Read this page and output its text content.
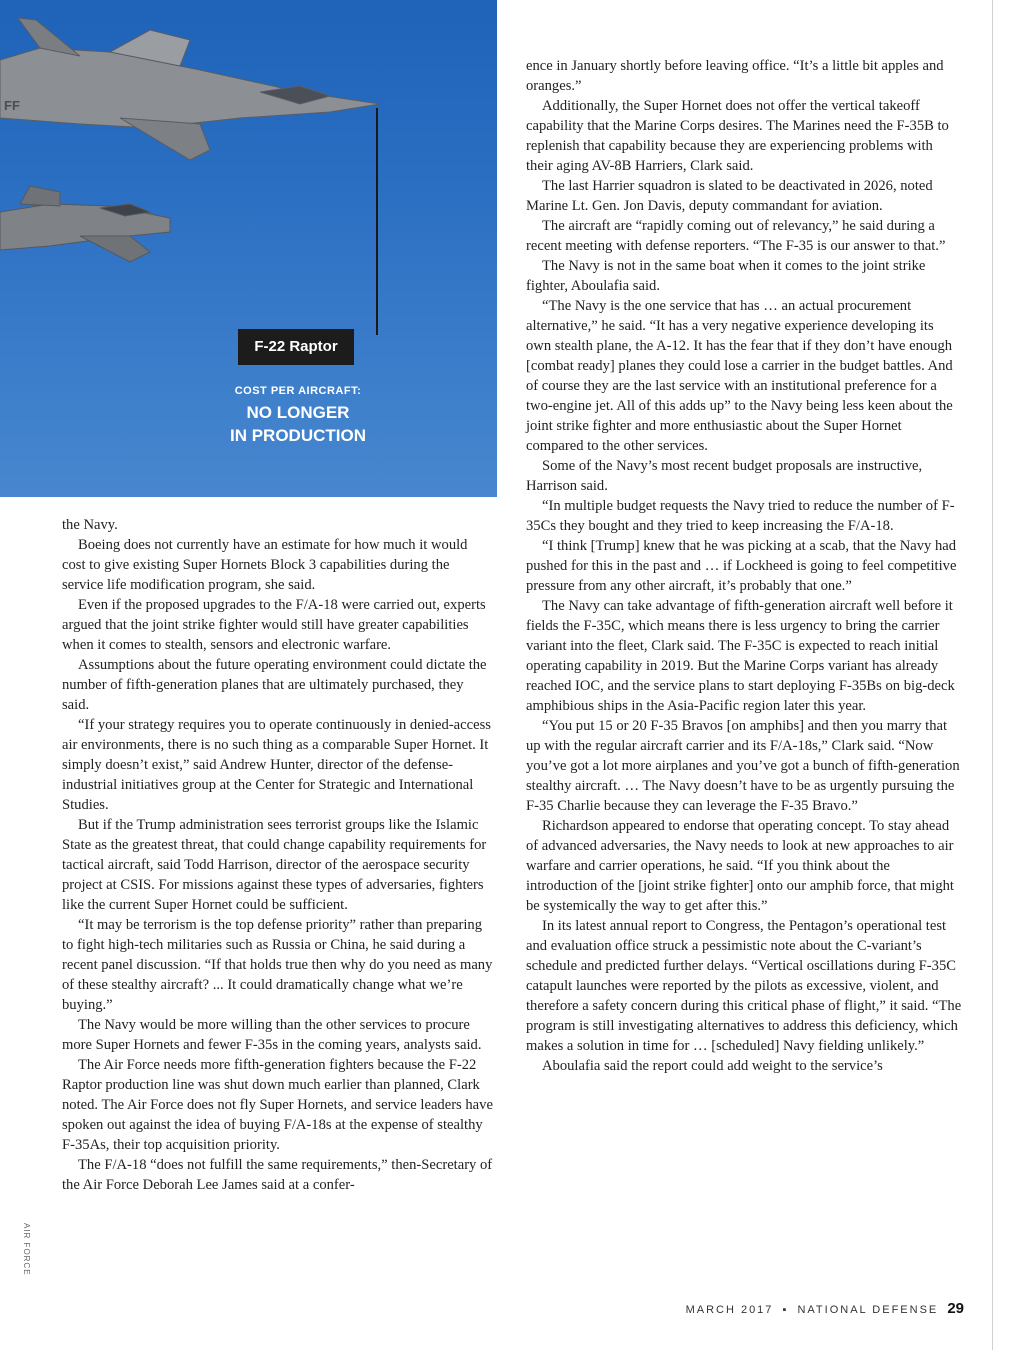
FF
F-22 Raptor
COST PER AIRCRAFT:
NO LONGER
IN PRODUCTION

the Navy.

Boeing does not currently have an estimate for how much it would cost to give existing Super Hornets Block 3 capabilities during the service life modification program, she said.

Even if the proposed upgrades to the F/A-18 were carried out, experts argued that the joint strike fighter would still have greater capabilities when it comes to stealth, sensors and electronic warfare.

Assumptions about the future operating environment could dictate the number of fifth-generation planes that are ultimately purchased, they said.

“If your strategy requires you to operate continuously in denied-access air environments, there is no such thing as a comparable Super Hornet. It simply doesn’t exist,” said Andrew Hunter, director of the defense-industrial initiatives group at the Center for Strategic and International Studies.

But if the Trump administration sees terrorist groups like the Islamic State as the greatest threat, that could change capability requirements for tactical aircraft, said Todd Harrison, director of the aerospace security project at CSIS. For missions against these types of adversaries, fighters like the current Super Hornet could be sufficient.

“It may be terrorism is the top defense priority” rather than preparing to fight high-tech militaries such as Russia or China, he said during a recent panel discussion. “If that holds true then why do you need as many of these stealthy aircraft? ... It could dramatically change what we’re buying.”

The Navy would be more willing than the other services to procure more Super Hornets and fewer F-35s in the coming years, analysts said.

The Air Force needs more fifth-generation fighters because the F-22 Raptor production line was shut down much earlier than planned, Clark noted. The Air Force does not fly Super Hornets, and service leaders have spoken out against the idea of buying F/A-18s at the expense of stealthy F-35As, their top acquisition priority.

The F/A-18 “does not fulfill the same requirements,” then-Secretary of the Air Force Deborah Lee James said at a confer-

ence in January shortly before leaving office. “It’s a little bit apples and oranges.”

Additionally, the Super Hornet does not offer the vertical takeoff capability that the Marine Corps desires. The Marines need the F-35B to replenish that capability because they are experiencing problems with their aging AV-8B Harriers, Clark said.

The last Harrier squadron is slated to be deactivated in 2026, noted Marine Lt. Gen. Jon Davis, deputy commandant for aviation.

The aircraft are “rapidly coming out of relevancy,” he said during a recent meeting with defense reporters. “The F-35 is our answer to that.”

The Navy is not in the same boat when it comes to the joint strike fighter, Aboulafia said.

“The Navy is the one service that has … an actual procurement alternative,” he said. “It has a very negative experience developing its own stealth plane, the A-12. It has the fear that if they don’t have enough [combat ready] planes they could lose a carrier in the budget battles. And of course they are the last service with an institutional preference for a two-engine jet. All of this adds up” to the Navy being less keen about the joint strike fighter and more enthusiastic about the Super Hornet compared to the other services.

Some of the Navy’s most recent budget proposals are instructive, Harrison said.

“In multiple budget requests the Navy tried to reduce the number of F-35Cs they bought and they tried to keep increasing the F/A-18.

“I think [Trump] knew that he was picking at a scab, that the Navy had pushed for this in the past and … if Lockheed is going to feel competitive pressure from any other aircraft, it’s probably that one.”

The Navy can take advantage of fifth-generation aircraft well before it fields the F-35C, which means there is less urgency to bring the carrier variant into the fleet, Clark said. The F-35C is expected to reach initial operating capability in 2019. But the Marine Corps variant has already reached IOC, and the service plans to start deploying F-35Bs on big-deck amphibious ships in the Asia-Pacific region later this year.

“You put 15 or 20 F-35 Bravos [on amphibs] and then you marry that up with the regular aircraft carrier and its F/A-18s,” Clark said. “Now you’ve got a lot more airplanes and you’ve got a bunch of fifth-generation stealthy aircraft. … The Navy doesn’t have to be as urgently pursuing the F-35 Charlie because they can leverage the F-35 Bravo.”

Richardson appeared to endorse that operating concept. To stay ahead of advanced adversaries, the Navy needs to look at new approaches to air warfare and carrier operations, he said. “If you think about the introduction of the [joint strike fighter] onto our amphib force, that might be systemically the way to get after this.”

In its latest annual report to Congress, the Pentagon’s operational test and evaluation office struck a pessimistic note about the C-variant’s schedule and predicted further delays. “Vertical oscillations during F-35C catapult launches were reported by the pilots as excessive, violent, and therefore a safety concern during this critical phase of flight,” it said. “The program is still investigating alternatives to address this deficiency, which makes a solution in time for … [scheduled] Navy fielding unlikely.”

Aboulafia said the report could add weight to the service’s

AIR FORCE
MARCH 2017 ▪ NATIONAL DEFENSE 29
